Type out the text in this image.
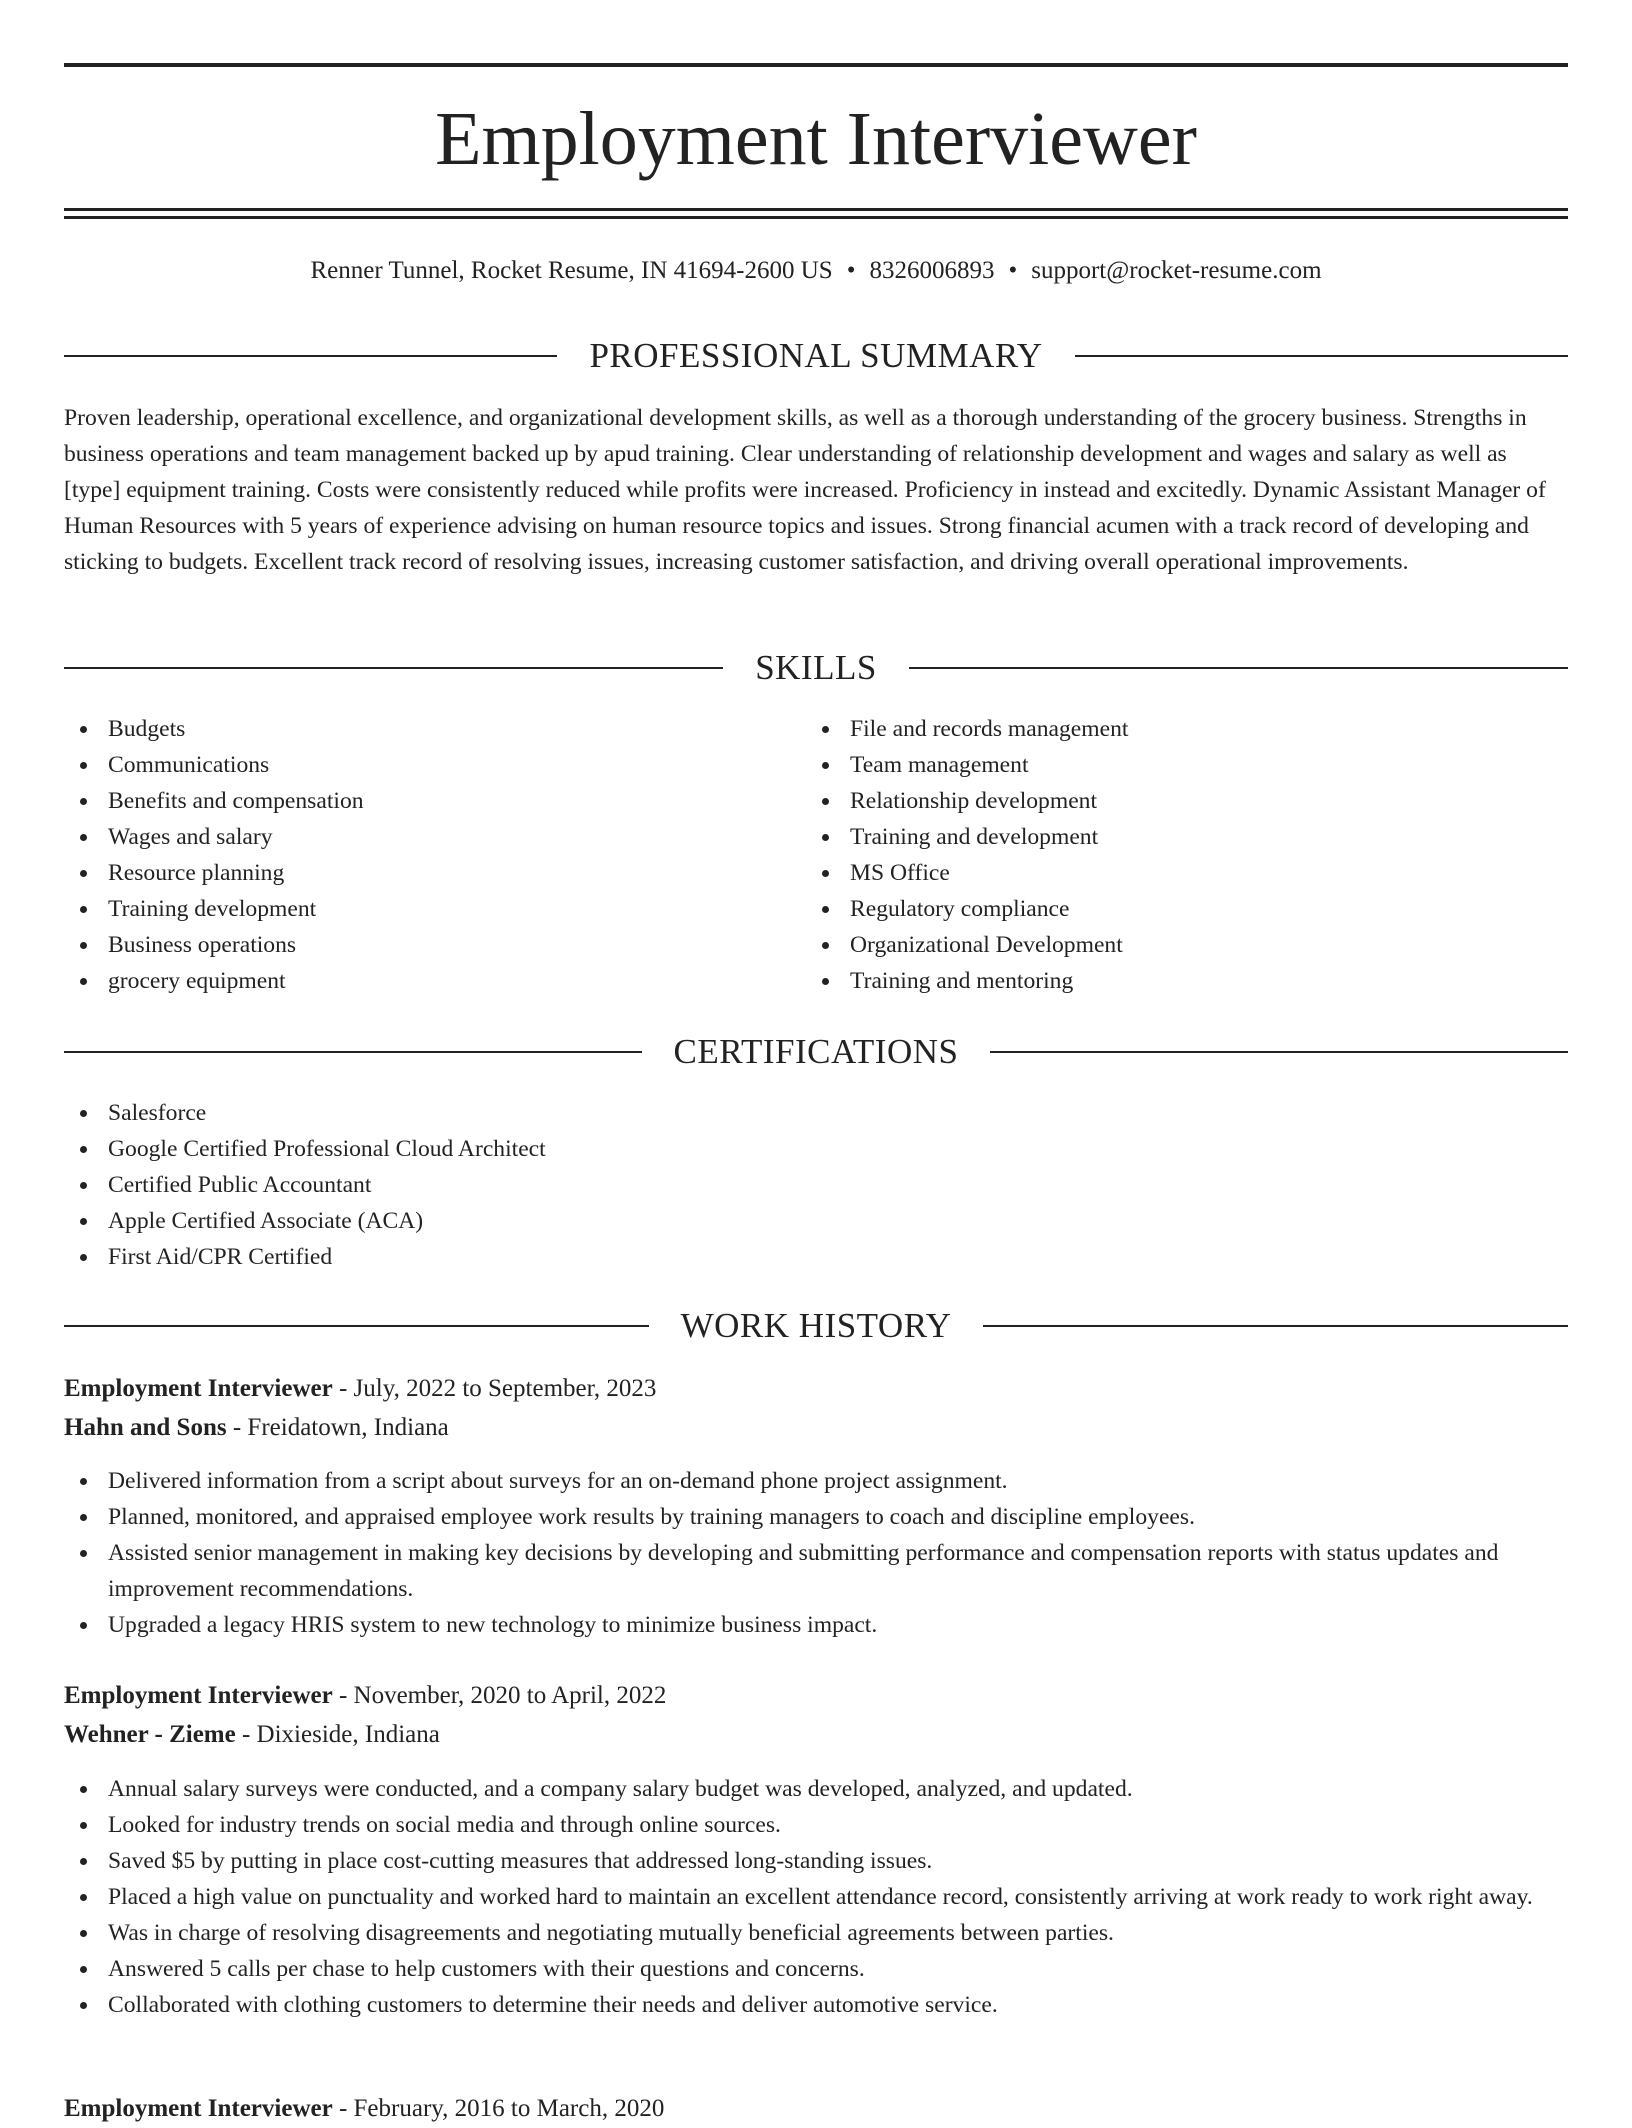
Employment Interviewer
Renner Tunnel, Rocket Resume, IN 41694-2600 US • 8326006893 • support@rocket-resume.com
PROFESSIONAL SUMMARY

Proven leadership, operational excellence, and organizational development skills, as well as a thorough understanding of the grocery business. Strengths in business operations and team management backed up by apud training. Clear understanding of relationship development and wages and salary as well as [type] equipment training. Costs were consistently reduced while profits were increased. Proficiency in instead and excitedly. Dynamic Assistant Manager of Human Resources with 5 years of experience advising on human resource topics and issues. Strong financial acumen with a track record of developing and sticking to budgets. Excellent track record of resolving issues, increasing customer satisfaction, and driving overall operational improvements.

SKILLS
Budgets
Communications
Benefits and compensation
Wages and salary
Resource planning
Training development
Business operations
grocery equipment
File and records management
Team management
Relationship development
Training and development
MS Office
Regulatory compliance
Organizational Development
Training and mentoring
CERTIFICATIONS
Salesforce
Google Certified Professional Cloud Architect
Certified Public Accountant
Apple Certified Associate (ACA)
First Aid/CPR Certified
WORK HISTORY

Employment Interviewer - July, 2022 to September, 2023

Hahn and Sons - Freidatown, Indiana

Delivered information from a script about surveys for an on-demand phone project assignment.
Planned, monitored, and appraised employee work results by training managers to coach and discipline employees.
Assisted senior management in making key decisions by developing and submitting performance and compensation reports with status updates and improvement recommendations.
Upgraded a legacy HRIS system to new technology to minimize business impact.

Employment Interviewer - November, 2020 to April, 2022

Wehner - Zieme - Dixieside, Indiana

Annual salary surveys were conducted, and a company salary budget was developed, analyzed, and updated.
Looked for industry trends on social media and through online sources.
Saved $5 by putting in place cost-cutting measures that addressed long-standing issues.
Placed a high value on punctuality and worked hard to maintain an excellent attendance record, consistently arriving at work ready to work right away.
Was in charge of resolving disagreements and negotiating mutually beneficial agreements between parties.
Answered 5 calls per chase to help customers with their questions and concerns.
Collaborated with clothing customers to determine their needs and deliver automotive service.

Employment Interviewer - February, 2016 to March, 2020
